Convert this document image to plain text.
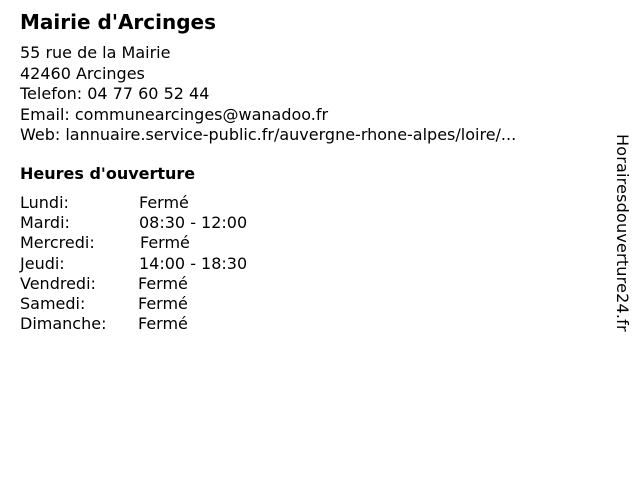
Mairie d'Arcinges
55 rue de la Mairie
42460 Arcinges
Telefon: 04 77 60 52 44
Email: communearcinges@wanadoo.fr
Web: lannuaire.service-public.fr/auvergne-rhone-alpes/loire/...
Heures d'ouverture
Lundi:	Fermé
Mardi:	08:30 - 12:00
Mercredi:	Fermé
Jeudi:	14:00 - 18:30
Vendredi:	Fermé
Samedi:	Fermé
Dimanche: Fermé	Horairesdouverture24.fr
